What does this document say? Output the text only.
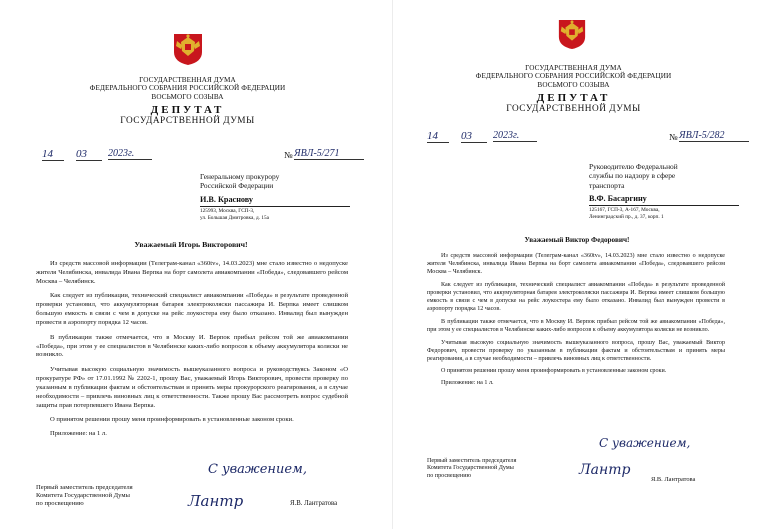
ГОСУДАРСТВЕННАЯ ДУМА
ФЕДЕРАЛЬНОГО СОБРАНИЯ РОССИЙСКОЙ ФЕДЕРАЦИИ
ВОСЬМОГО СОЗЫВА
ДЕПУТАТ
ГОСУДАРСТВЕННОЙ ДУМЫ
14	03	2023г.	№ ЯВЛ-5/271
Генеральному прокурору
Российской Федерации
И.В. Краснову
125993, Москва, ГСП-3,
ул. Большая Дмитровка, д. 15а
Уважаемый Игорь Викторович!

Из средств массовой информации (Телеграм-канал «360tv», 14.03.2023) мне стало известно о недопуске жителя Челябинска, инвалида Ивана Верпка на борт самолета авиакомпании «Победа», следовавшего рейсом Москва – Челябинск.

Как следует из публикации, технический специалист авиакомпании «Победа» в результате проведенной проверки установил, что аккумуляторная батарея электроколяски пассажира И. Верпка имеет слишком большую емкость в связи с чем в допуске на рейс лоукостера ему было отказано. Инвалид был вынужден провести в аэропорту порядка 12 часов.

В публикации также отмечается, что в Москву И. Верпок прибыл рейсом той же авиакомпании «Победа», при этом у ее специалистов в Челябинске каких-либо вопросов к объему аккумулятора коляски не возникло.

Учитывая высокую социальную значимость вышеуказанного вопроса и руководствуясь Законом «О прокуратуре РФ» от 17.01.1992 № 2202-1, прошу Вас, уважаемый Игорь Викторович, провести проверку по указанным в публикации фактам и обстоятельствам и принять меры прокурорского реагирования, а в случае необходимости – привлечь виновных лиц к ответственности. Также прошу Вас рассмотреть вопрос судебной защиты прав потерпевшего Ивана Верпка.

О принятом решении прошу меня проинформировать в установленные законом сроки.

Приложение: на 1 л.

С уважением,
Лантр
Первый заместитель председателя
Комитета Государственной Думы
по просвещению	Я.В. Лантратова
ГОСУДАРСТВЕННАЯ ДУМА
ФЕДЕРАЛЬНОГО СОБРАНИЯ РОССИЙСКОЙ ФЕДЕРАЦИИ
ВОСЬМОГО СОЗЫВА
ДЕПУТАТ
ГОСУДАРСТВЕННОЙ ДУМЫ
14	03	2023г.	№ ЯВЛ-5/282
Руководителю Федеральной
службы по надзору в сфере
транспорта
В.Ф. Басаргину
125167, ГСП-3, А-167, Москва,
Ленинградский пр., д. 37, корп. 1
Уважаемый Виктор Федорович!

Из средств массовой информации (Телеграм-канал «360tv», 14.03.2023) мне стало известно о недопуске жителя Челябинска, инвалида Ивана Верпка на борт самолета авиакомпании «Победа», следовавшего рейсом Москва – Челябинск.

Как следует из публикации, технический специалист авиакомпании «Победа» в результате проведенной проверки установил, что аккумуляторная батарея электроколяски пассажира И. Верпка имеет слишком большую емкость в связи с чем в допуске на рейс лоукостера ему было отказано. Инвалид был вынужден провести в аэропорту порядка 12 часов.

В публикации также отмечается, что в Москву И. Верпок прибыл рейсом той же авиакомпании «Победа», при этом у ее специалистов в Челябинске каких-либо вопросов к объему аккумулятора коляски не возникло.

Учитывая высокую социальную значимость вышеуказанного вопроса, прошу Вас, уважаемый Виктор Федорович, провести проверку по указанным в публикации фактам и обстоятельствам и принять меры реагирования, а в случае необходимости – привлечь виновных лиц к ответственности.

О принятом решении прошу меня проинформировать в установленные законом сроки.

Приложение: на 1 л.

С уважением,
Лантр
Первый заместитель председателя
Комитета Государственной Думы
по просвещению
Я.В. Лантратова
